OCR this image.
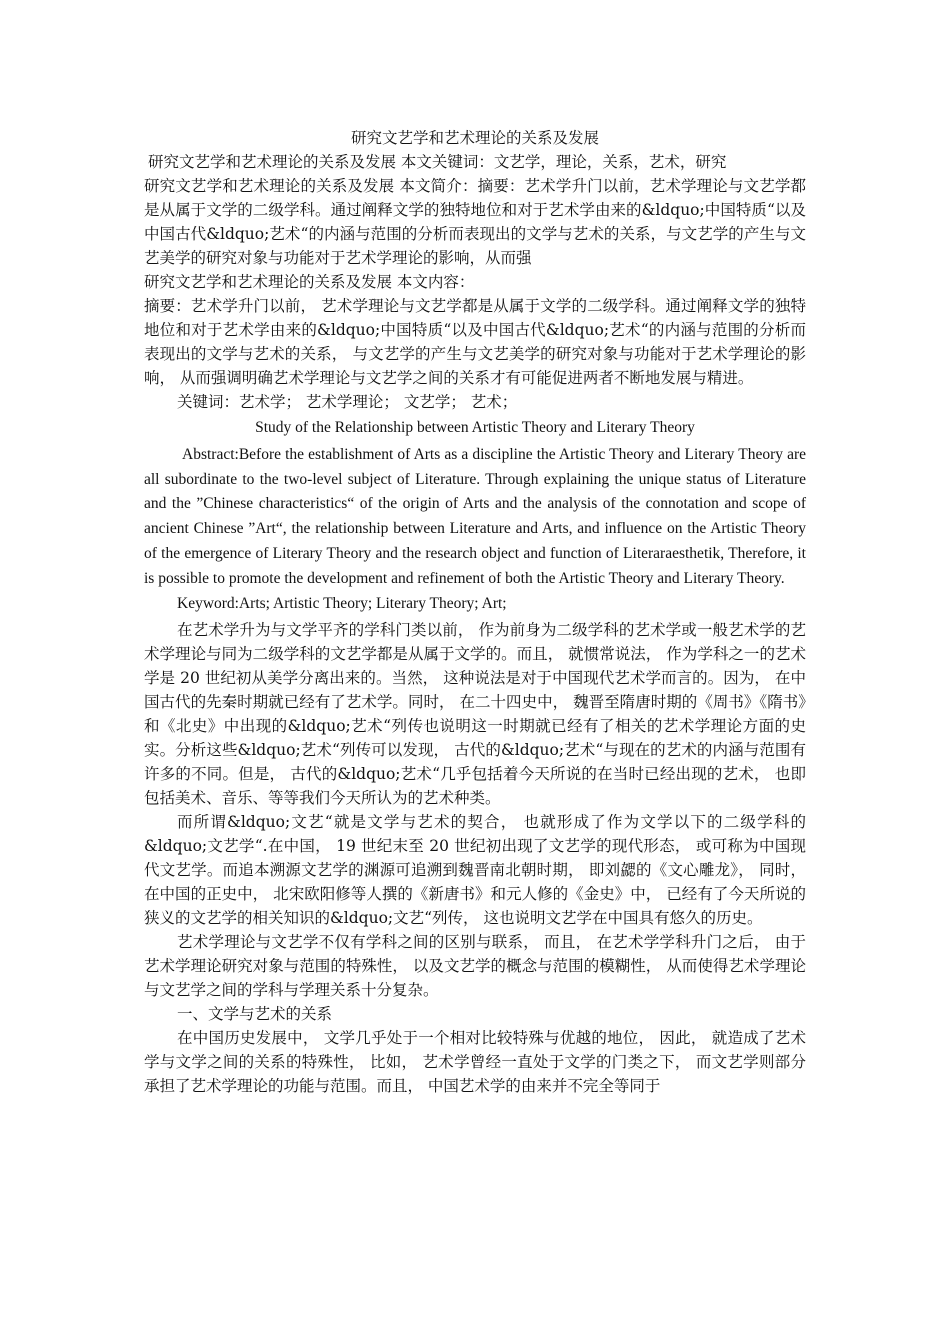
研究文艺学和艺术理论的关系及发展

研究文艺学和艺术理论的关系及发展 本文关键词：文艺学，理论，关系，艺术，研究

研究文艺学和艺术理论的关系及发展 本文简介：摘要：艺术学升门以前，艺术学理论与文艺学都是从属于文学的二级学科。通过阐释文学的独特地位和对于艺术学由来的&ldquo;中国特质“以及中国古代&ldquo;艺术“的内涵与范围的分析而表现出的文学与艺术的关系，与文艺学的产生与文艺美学的研究对象与功能对于艺术学理论的影响，从而强

研究文艺学和艺术理论的关系及发展 本文内容：

摘要：艺术学升门以前， 艺术学理论与文艺学都是从属于文学的二级学科。通过阐释文学的独特地位和对于艺术学由来的&ldquo;中国特质“以及中国古代&ldquo;艺术“的内涵与范围的分析而表现出的文学与艺术的关系， 与文艺学的产生与文艺美学的研究对象与功能对于艺术学理论的影响， 从而强调明确艺术学理论与文艺学之间的关系才有可能促进两者不断地发展与精进。

关键词：艺术学； 艺术学理论； 文艺学； 艺术；

Study of the Relationship between Artistic Theory and Literary Theory

Abstract:Before the establishment of Arts as a discipline the Artistic Theory and Literary Theory are all subordinate to the two-level subject of Literature. Through explaining the unique status of Literature and the ”Chinese characteristics“ of the origin of Arts and the analysis of the connotation and scope of ancient Chinese ”Art“, the relationship between Literature and Arts, and influence on the Artistic Theory of the emergence of Literary Theory and the research object and function of Literaraesthetik, Therefore, it is possible to promote the development and refinement of both the Artistic Theory and Literary Theory.

Keyword:Arts; Artistic Theory; Literary Theory; Art;

在艺术学升为与文学平齐的学科门类以前， 作为前身为二级学科的艺术学或一般艺术学的艺术学理论与同为二级学科的文艺学都是从属于文学的。而且， 就惯常说法， 作为学科之一的艺术学是 20 世纪初从美学分离出来的。当然， 这种说法是对于中国现代艺术学而言的。因为， 在中国古代的先秦时期就已经有了艺术学。同时， 在二十四史中， 魏晋至隋唐时期的《周书》《隋书》和《北史》中出现的&ldquo;艺术“列传也说明这一时期就已经有了相关的艺术学理论方面的史实。分析这些&ldquo;艺术“列传可以发现， 古代的&ldquo;艺术“与现在的艺术的内涵与范围有许多的不同。但是， 古代的&ldquo;艺术“几乎包括着今天所说的在当时已经出现的艺术， 也即包括美术、音乐、等等我们今天所认为的艺术种类。

而所谓&ldquo;文艺“就是文学与艺术的契合， 也就形成了作为文学以下的二级学科的&ldquo;文艺学“.在中国， 19 世纪末至 20 世纪初出现了文艺学的现代形态， 或可称为中国现代文艺学。而追本溯源文艺学的渊源可追溯到魏晋南北朝时期， 即刘勰的《文心雕龙》， 同时， 在中国的正史中， 北宋欧阳修等人撰的《新唐书》和元人修的《金史》中， 已经有了今天所说的狭义的文艺学的相关知识的&ldquo;文艺“列传， 这也说明文艺学在中国具有悠久的历史。

艺术学理论与文艺学不仅有学科之间的区别与联系， 而且， 在艺术学学科升门之后， 由于艺术学理论研究对象与范围的特殊性， 以及文艺学的概念与范围的模糊性， 从而使得艺术学理论与文艺学之间的学科与学理关系十分复杂。

一、文学与艺术的关系

在中国历史发展中， 文学几乎处于一个相对比较特殊与优越的地位， 因此， 就造成了艺术学与文学之间的关系的特殊性， 比如， 艺术学曾经一直处于文学的门类之下， 而文艺学则部分承担了艺术学理论的功能与范围。而且， 中国艺术学的由来并不完全等同于
